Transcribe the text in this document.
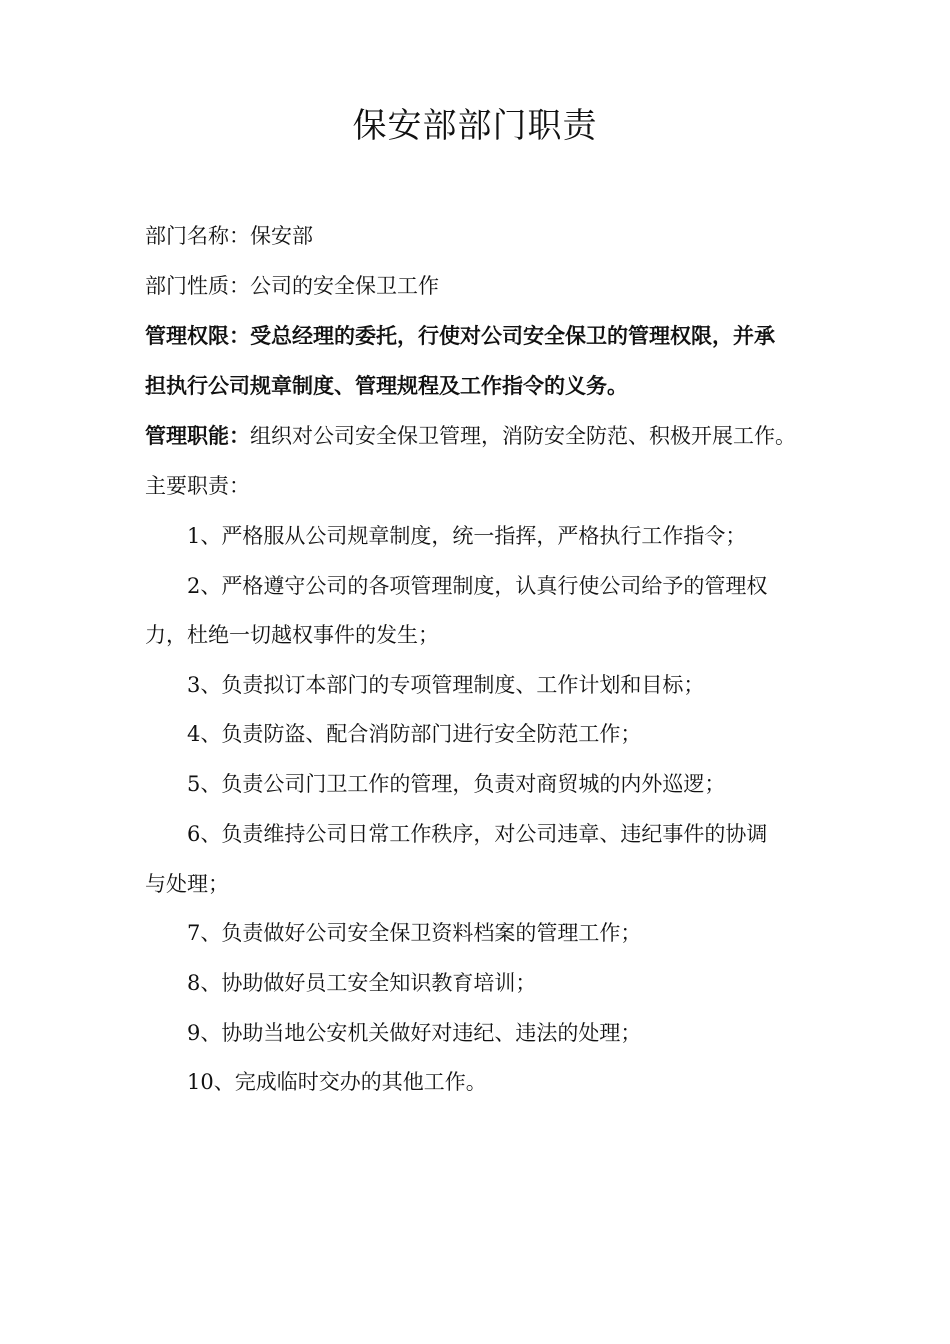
保安部部门职责
部门名称：保安部
部门性质：公司的安全保卫工作
管理权限：受总经理的委托，行使对公司安全保卫的管理权限，并承
担执行公司规章制度、管理规程及工作指令的义务。
管理职能：组织对公司安全保卫管理，消防安全防范、积极开展工作。
主要职责：
1、严格服从公司规章制度，统一指挥，严格执行工作指令；
2、严格遵守公司的各项管理制度，认真行使公司给予的管理权
力，杜绝一切越权事件的发生；
3、负责拟订本部门的专项管理制度、工作计划和目标；
4、负责防盗、配合消防部门进行安全防范工作；
5、负责公司门卫工作的管理，负责对商贸城的内外巡逻；
6、负责维持公司日常工作秩序，对公司违章、违纪事件的协调
与处理；
7、负责做好公司安全保卫资料档案的管理工作；
8、协助做好员工安全知识教育培训；
9、协助当地公安机关做好对违纪、违法的处理；
10、完成临时交办的其他工作。
